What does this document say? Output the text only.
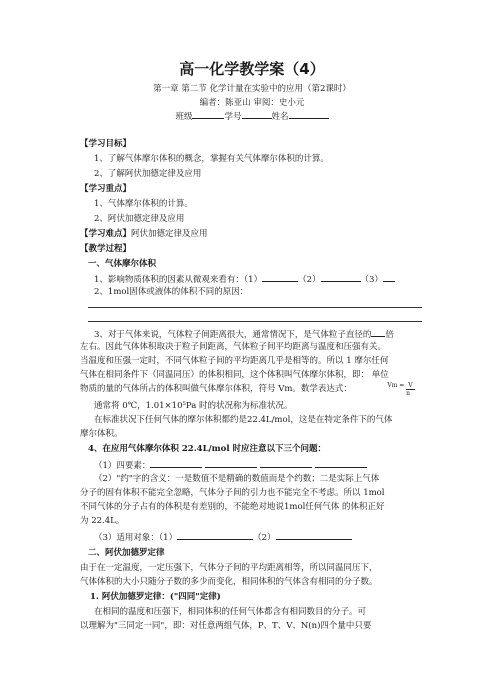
高一化学教学案（4）
第一章 第二节 化学计量在实验中的应用（第2课时）
编者：陈亚山 审阅：史小元
班级	学号	姓名
【学习目标】
1、了解气体摩尔体积的概念，掌握有关气体摩尔体积的计算。
2、了解阿伏加德定律及应用
【学习重点】
1、气体摩尔体积的计算。
2、阿伏加德定律及应用
【学习难点】阿伏加德定律及应用
【教学过程】
一、气体摩尔体积
1、影响物质体积的因素从微观来看有：（1）	（2）	（3）
2、1mol固体或液体的体积不同的原因：
3、对于气体来说，气体粒子间距离很大，通常情况下，是气体粒子直径的 倍
左右。因此气体体积取决于粒子间距离，气体粒子间平均距离与温度和压强有关。
当温度和压强一定时，不同气体粒子间的平均距离几乎是相等的。所以 1 摩尔任何
气体在相同条件下（同温同压）的体积相同，这个体积叫气体摩尔体积，即： 单位
物质的量的气体所占的体积叫做气体摩尔体积，符号 Vm。数学表达式：	Vm = V
n
通常将 0℃，1.01×10⁵Pa 时的状况称为标准状况。
在标准状况下任何气体的摩尔体积都约是22.4L/mol，这是在特定条件下的气体
摩尔体积。
4、在应用气体摩尔体积 22.4L/mol 时应注意以下三个问题：
（1）四要素：
（2）"约"字的含义：一是数值不是精确的数值而是个约数；二是实际上气体
分子的固有体积不能完全忽略，气体分子间的引力也不能完全不考虑。所以 1mol
不同气体的分子占有的体积是有差别的，不能绝对地说1mol任何气体 的体积正好
为 22.4L。
（3）适用对象：（1）	（2）
二、阿伏加德罗定律
由于在一定温度，一定压强下，气体分子间的平均距离相等，所以同温同压下，
气体体积的大小只随分子数的多少而变化，相同体积的气体含有相同的分子数。
1. 阿伏加德罗定律：("四同"定律)
在相同的温度和压强下，相同体积的任何气体都含有相同数目的分子。可
以理解为"三同定一同"，即：对任意两组气体，P、T、V、N(n)四个量中只要
